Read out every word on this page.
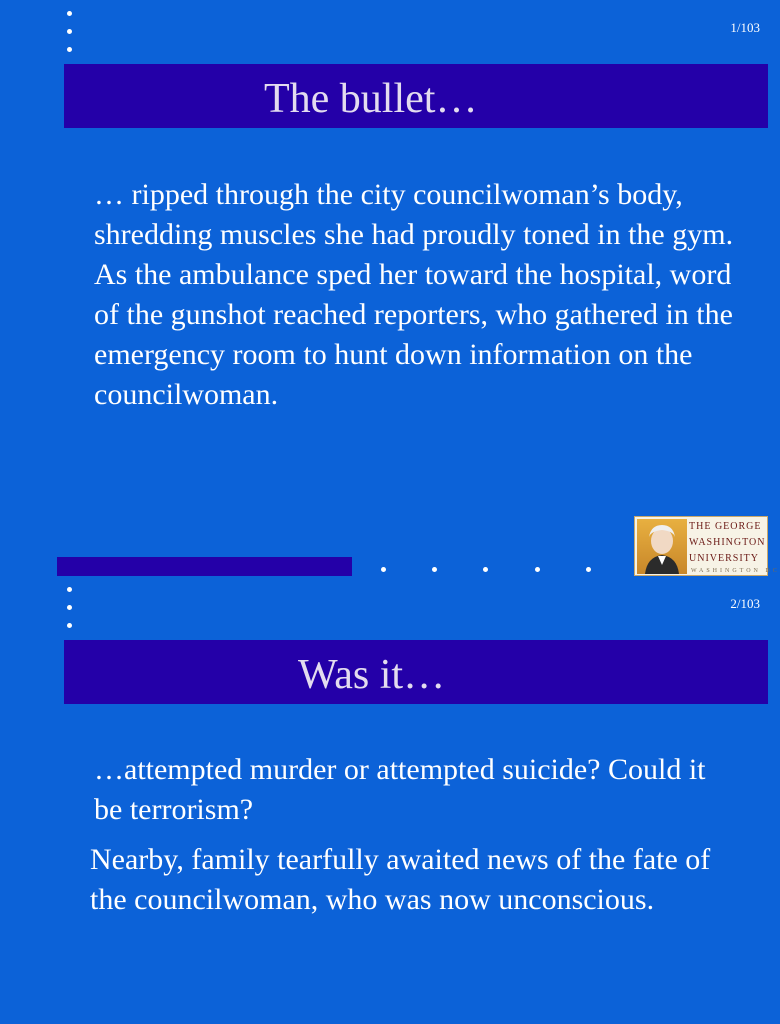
1/103
The bullet…

… ripped through the city councilwoman’s body, shredding muscles she had proudly toned in the gym. As the ambulance sped her toward the hospital, word of the gunshot reached reporters, who gathered in the emergency room to hunt down information on the councilwoman.

THE GEORGE
WASHINGTON
UNIVERSITY
WASHINGTON DC
2/103
Was it…

…attempted murder or attempted suicide? Could it be terrorism?

Nearby, family tearfully awaited news of the fate of the councilwoman, who was now unconscious.
